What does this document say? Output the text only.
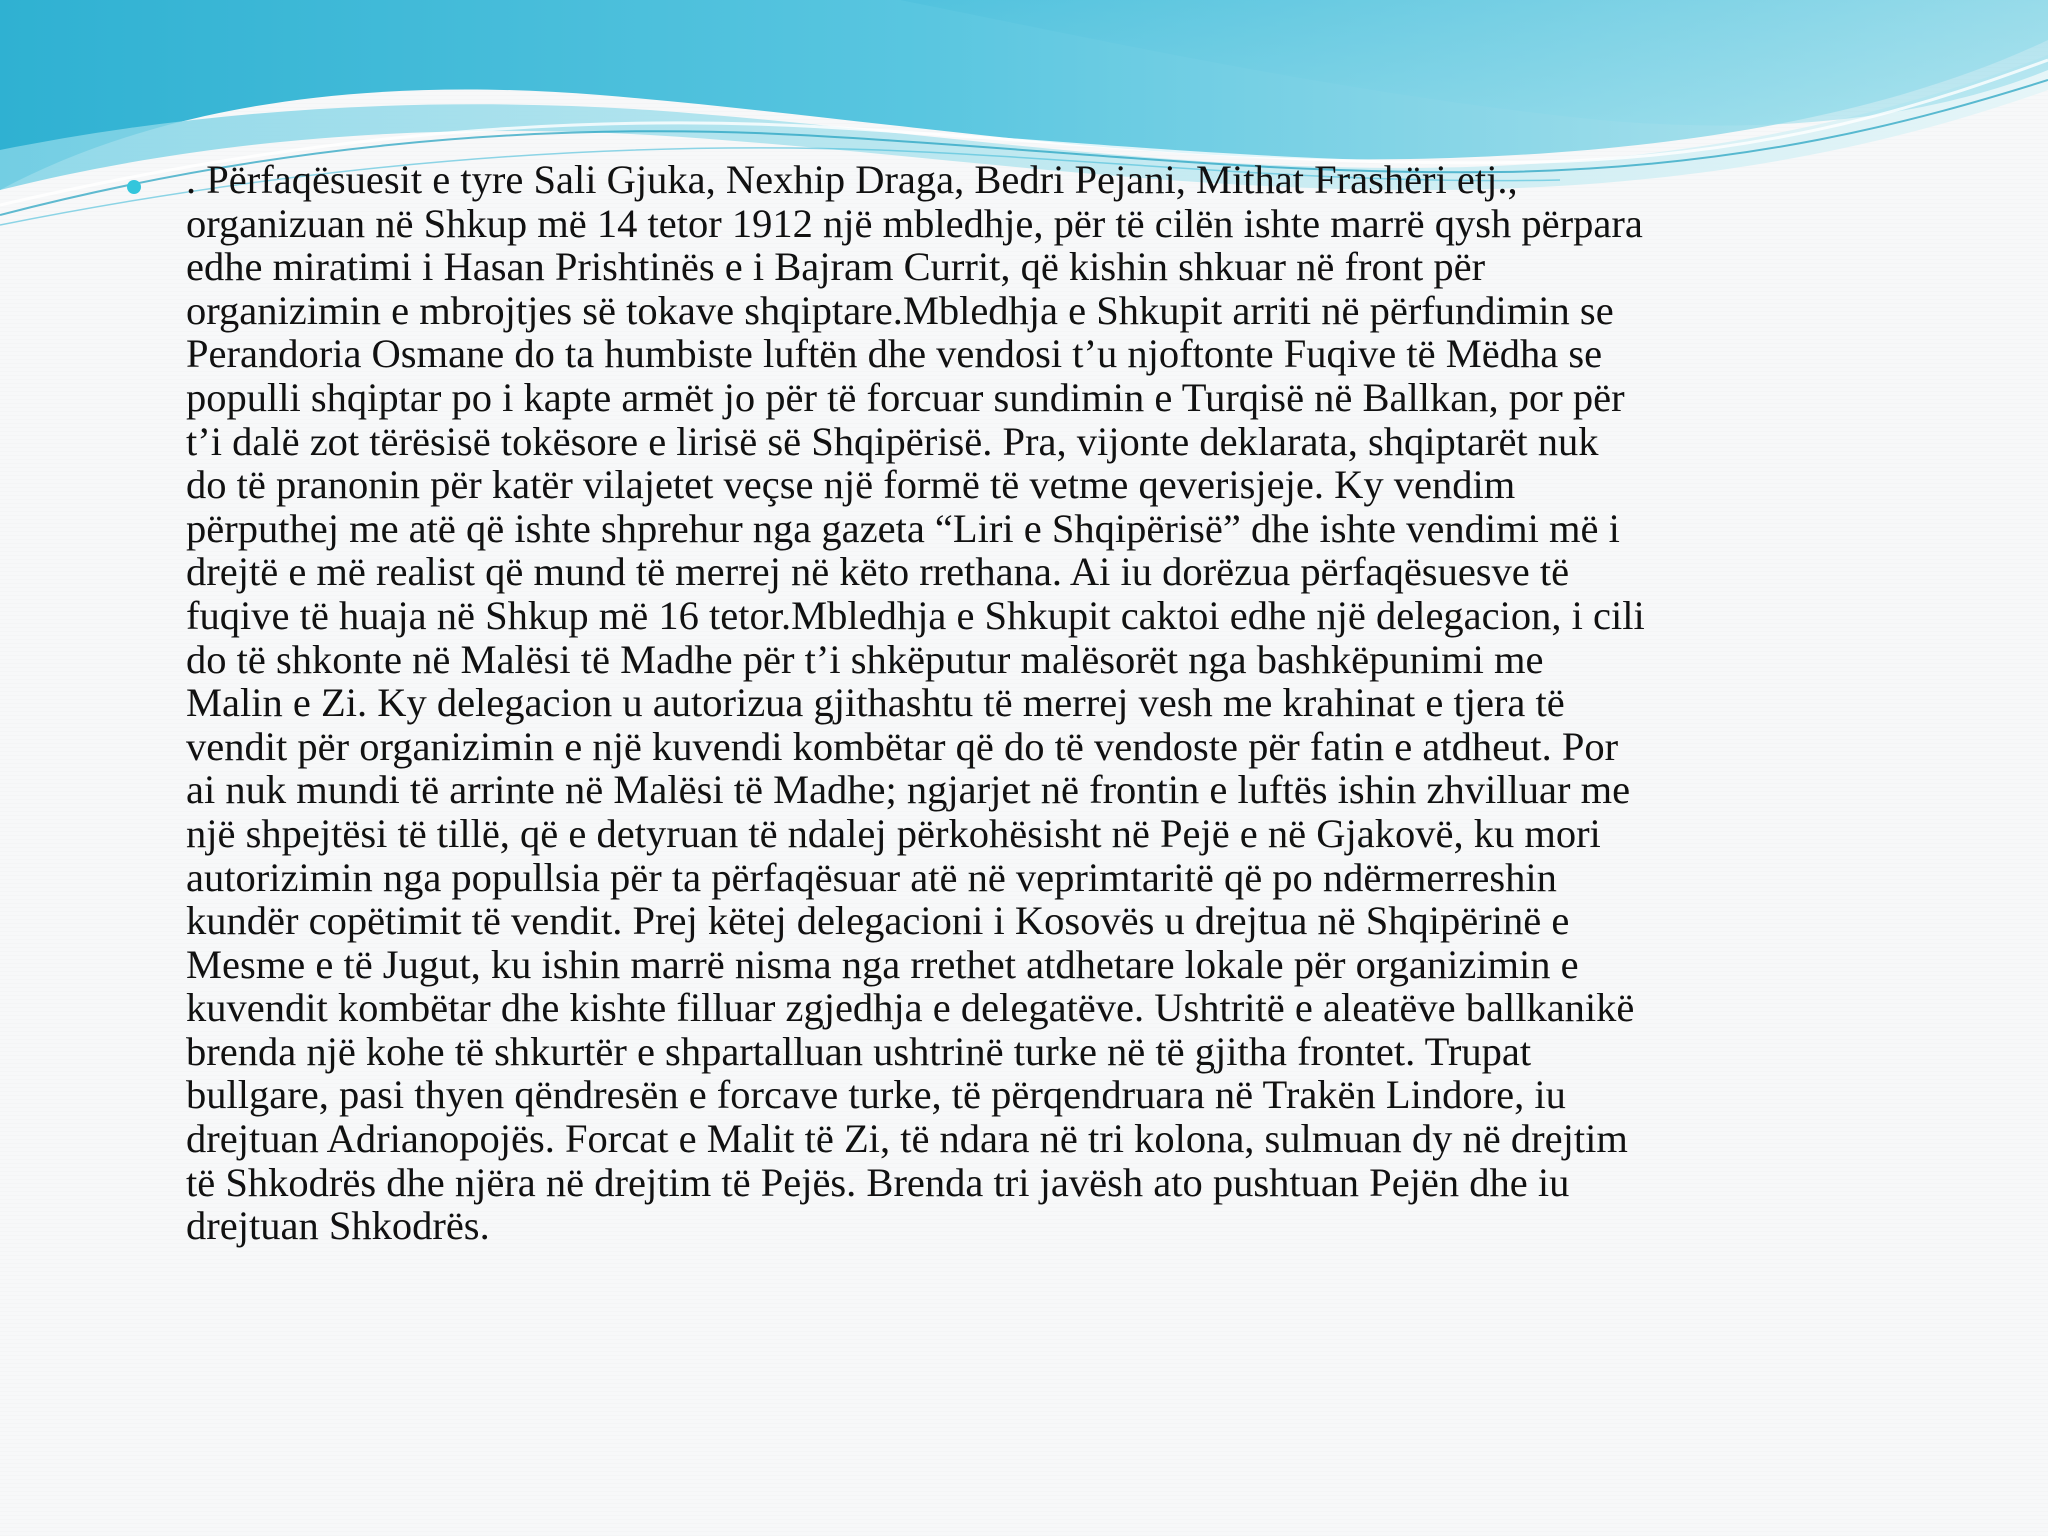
. Përfaqësuesit e tyre Sali Gjuka, Nexhip Draga, Bedri Pejani, Mithat Frashëri etj.,
organizuan në Shkup më 14 tetor 1912 një mbledhje, për të cilën ishte marrë qysh përpara
edhe miratimi i Hasan Prishtinës e i Bajram Currit, që kishin shkuar në front për
organizimin e mbrojtjes së tokave shqiptare.Mbledhja e Shkupit arriti në përfundimin se
Perandoria Osmane do ta humbiste luftën dhe vendosi t’u njoftonte Fuqive të Mëdha se
populli shqiptar po i kapte armët jo për të forcuar sundimin e Turqisë në Ballkan, por për
t’i dalë zot tërësisë tokësore e lirisë së Shqipërisë. Pra, vijonte deklarata, shqiptarët nuk
do të pranonin për katër vilajetet veçse një formë të vetme qeverisjeje. Ky vendim
përputhej me atë që ishte shprehur nga gazeta “Liri e Shqipërisë” dhe ishte vendimi më i
drejtë e më realist që mund të merrej në këto rrethana. Ai iu dorëzua përfaqësuesve të
fuqive të huaja në Shkup më 16 tetor.Mbledhja e Shkupit caktoi edhe një delegacion, i cili
do të shkonte në Malësi të Madhe për t’i shkëputur malësorët nga bashkëpunimi me
Malin e Zi. Ky delegacion u autorizua gjithashtu të merrej vesh me krahinat e tjera të
vendit për organizimin e një kuvendi kombëtar që do të vendoste për fatin e atdheut. Por
ai nuk mundi të arrinte në Malësi të Madhe; ngjarjet në frontin e luftës ishin zhvilluar me
një shpejtësi të tillë, që e detyruan të ndalej përkohësisht në Pejë e në Gjakovë, ku mori
autorizimin nga popullsia për ta përfaqësuar atë në veprimtaritë që po ndërmerreshin
kundër copëtimit të vendit. Prej këtej delegacioni i Kosovës u drejtua në Shqipërinë e
Mesme e të Jugut, ku ishin marrë nisma nga rrethet atdhetare lokale për organizimin e
kuvendit kombëtar dhe kishte filluar zgjedhja e delegatëve. Ushtritë e aleatëve ballkanikë
brenda një kohe të shkurtër e shpartalluan ushtrinë turke në të gjitha frontet. Trupat
bullgare, pasi thyen qëndresën e forcave turke, të përqendruara në Trakën Lindore, iu
drejtuan Adrianopojës. Forcat e Malit të Zi, të ndara në tri kolona, sulmuan dy në drejtim
të Shkodrës dhe njëra në drejtim të Pejës. Brenda tri javësh ato pushtuan Pejën dhe iu
drejtuan Shkodrës.
